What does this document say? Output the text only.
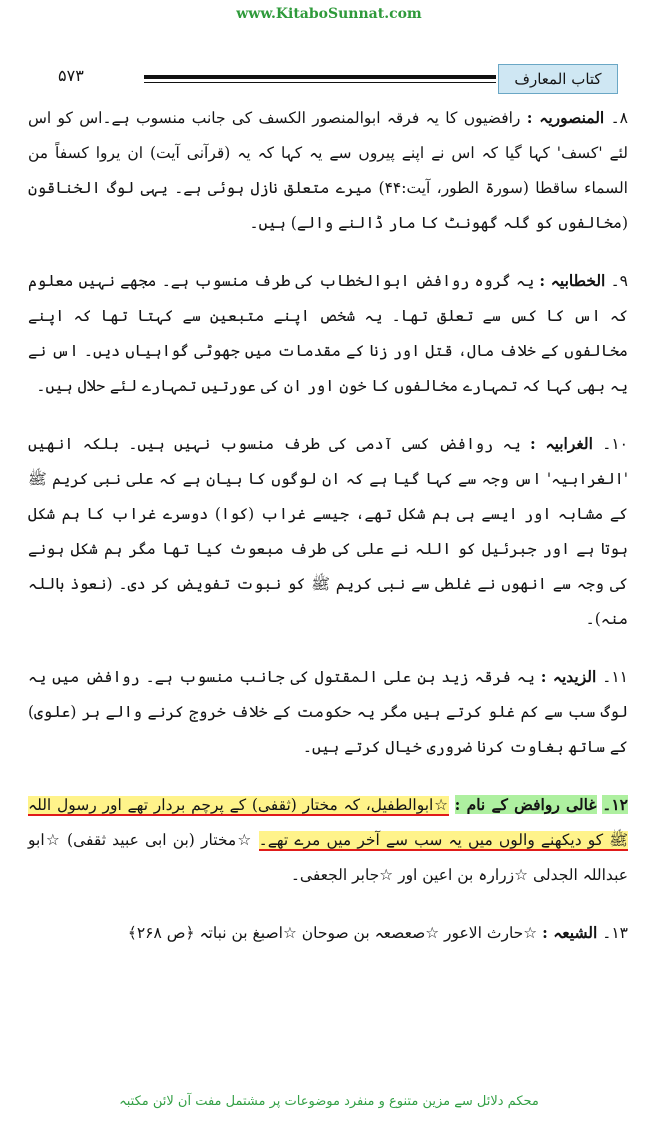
www.KitaboSunnat.com
۵۷۳	کتاب المعارف

۸۔ المنصوریہ : رافضیوں کا یہ فرقہ ابوالمنصور الکسف کی جانب منسوب ہے۔اس کو اس لئے 'کسف' کہا گیا کہ اس نے اپنے پیروں سے یہ کہا کہ یہ (قرآنی آیت) ان یروا کسفاً من السماء ساقطا (سورۃ الطور، آیت:۴۴) میرے متعلق نازل ہوئی ہے۔ یہی لوگ الخناقون (مخالفوں کو گلہ گھونٹ کا مار ڈالنے والے) ہیں۔

۹۔ الخطابیہ : یہ گروہ روافض ابوالخطاب کی طرف منسوب ہے۔ مجھے نہیں معلوم کہ اس کا کس سے تعلق تھا۔ یہ شخص اپنے متبعین سے کہتا تھا کہ اپنے مخالفوں کے خلاف مال، قتل اور زنا کے مقدمات میں جھوٹی گواہیاں دیں۔ اس نے یہ بھی کہا کہ تمہارے مخالفوں کا خون اور ان کی عورتیں تمہارے لئے حلال ہیں۔

۱۰۔ الغرابیہ : یہ روافض کسی آدمی کی طرف منسوب نہیں ہیں۔ بلکہ انھیں 'الغرابیہ' اس وجہ سے کہا گیا ہے کہ ان لوگوں کا بیان ہے کہ علی نبی کریم ﷺ کے مشابہ اور ایسے ہی ہم شکل تھے، جیسے غراب (کوا) دوسرے غراب کا ہم شکل ہوتا ہے اور جبرئیل کو اللہ نے علی کی طرف مبعوث کیا تھا مگر ہم شکل ہونے کی وجہ سے انھوں نے غلطی سے نبی کریم ﷺ کو نبوت تفویض کر دی۔ (نعوذ باللہ منہ)۔

۱۱۔ الزیدیہ : یہ فرقہ زید بن علی المقتول کی جانب منسوب ہے۔ روافض میں یہ لوگ سب سے کم غلو کرتے ہیں مگر یہ حکومت کے خلاف خروج کرنے والے ہر (علوی) کے ساتھ بغاوت کرنا ضروری خیال کرتے ہیں۔

۱۲۔ غالی روافض کے نام : ☆ابوالطفیل، کہ مختار (ثقفی) کے پرچم بردار تھے اور رسول اللہ ﷺ کو دیکھنے والوں میں یہ سب سے آخر میں مرے تھے۔ ☆مختار (بن ابی عبید ثقفی) ☆ابو عبداللہ الجدلی ☆زرارہ بن اعین اور ☆جابر الجعفی۔

۱۳۔ الشیعہ : ☆حارث الاعور ☆صعصعہ بن صوحان ☆اصبغ بن نباتہ ﴿ص ۲۶۸﴾

محکم دلائل سے مزین متنوع و منفرد موضوعات پر مشتمل مفت آن لائن مکتبہ
